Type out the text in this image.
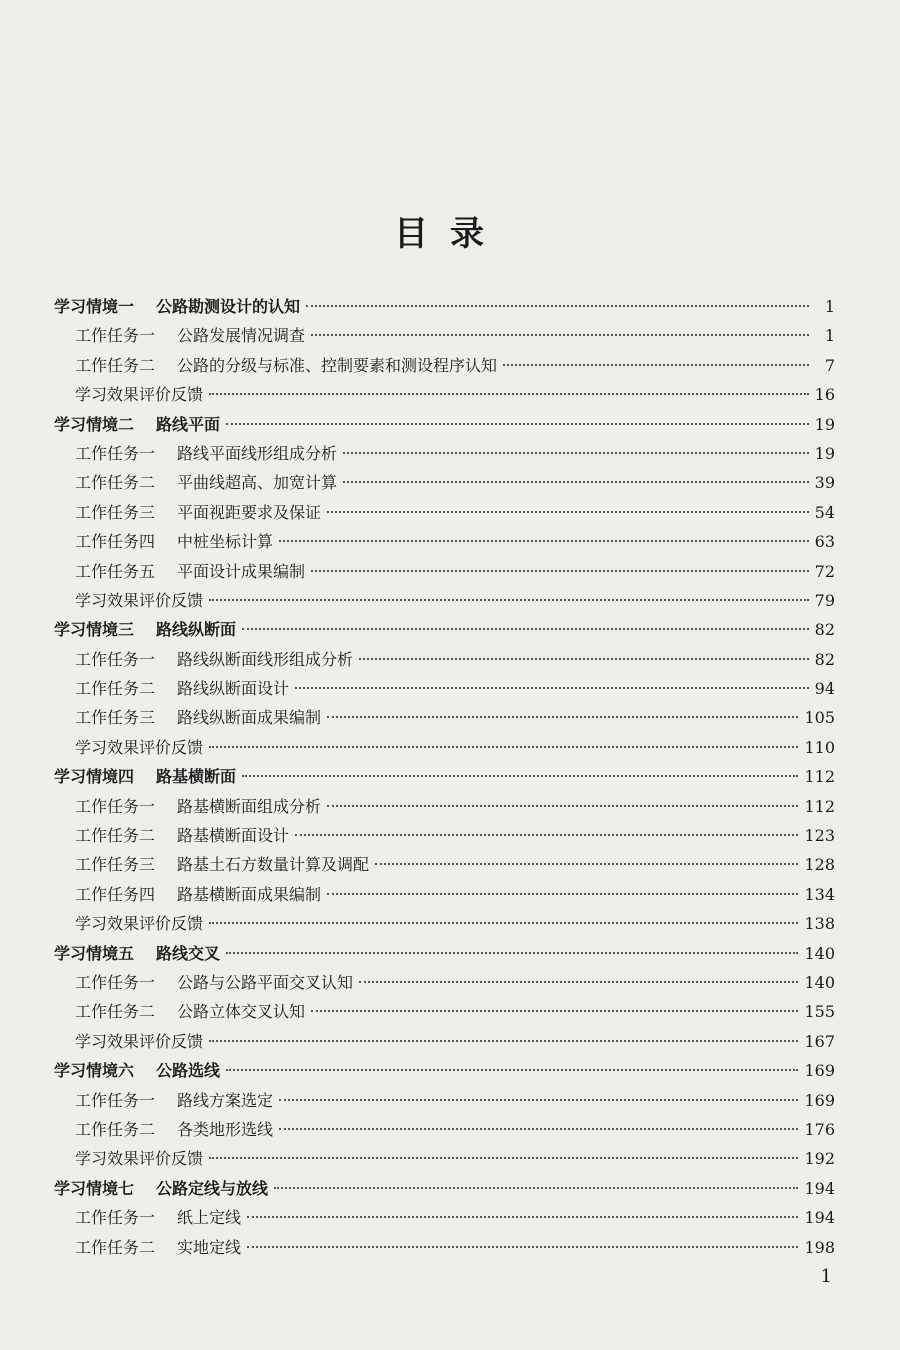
目录
学习情境一 公路勘测设计的认知	1
工作任务一 公路发展情况调查	1
工作任务二 公路的分级与标准、控制要素和测设程序认知	7
学习效果评价反馈	16
学习情境二 路线平面	19
工作任务一 路线平面线形组成分析	19
工作任务二 平曲线超高、加宽计算	39
工作任务三 平面视距要求及保证	54
工作任务四 中桩坐标计算	63
工作任务五 平面设计成果编制	72
学习效果评价反馈	79
学习情境三 路线纵断面	82
工作任务一 路线纵断面线形组成分析	82
工作任务二 路线纵断面设计	94
工作任务三 路线纵断面成果编制	105
学习效果评价反馈	110
学习情境四 路基横断面	112
工作任务一 路基横断面组成分析	112
工作任务二 路基横断面设计	123
工作任务三 路基土石方数量计算及调配	128
工作任务四 路基横断面成果编制	134
学习效果评价反馈	138
学习情境五 路线交叉	140
工作任务一 公路与公路平面交叉认知	140
工作任务二 公路立体交叉认知	155
学习效果评价反馈	167
学习情境六 公路选线	169
工作任务一 路线方案选定	169
工作任务二 各类地形选线	176
学习效果评价反馈	192
学习情境七 公路定线与放线	194
工作任务一 纸上定线	194
工作任务二 实地定线	198
1
